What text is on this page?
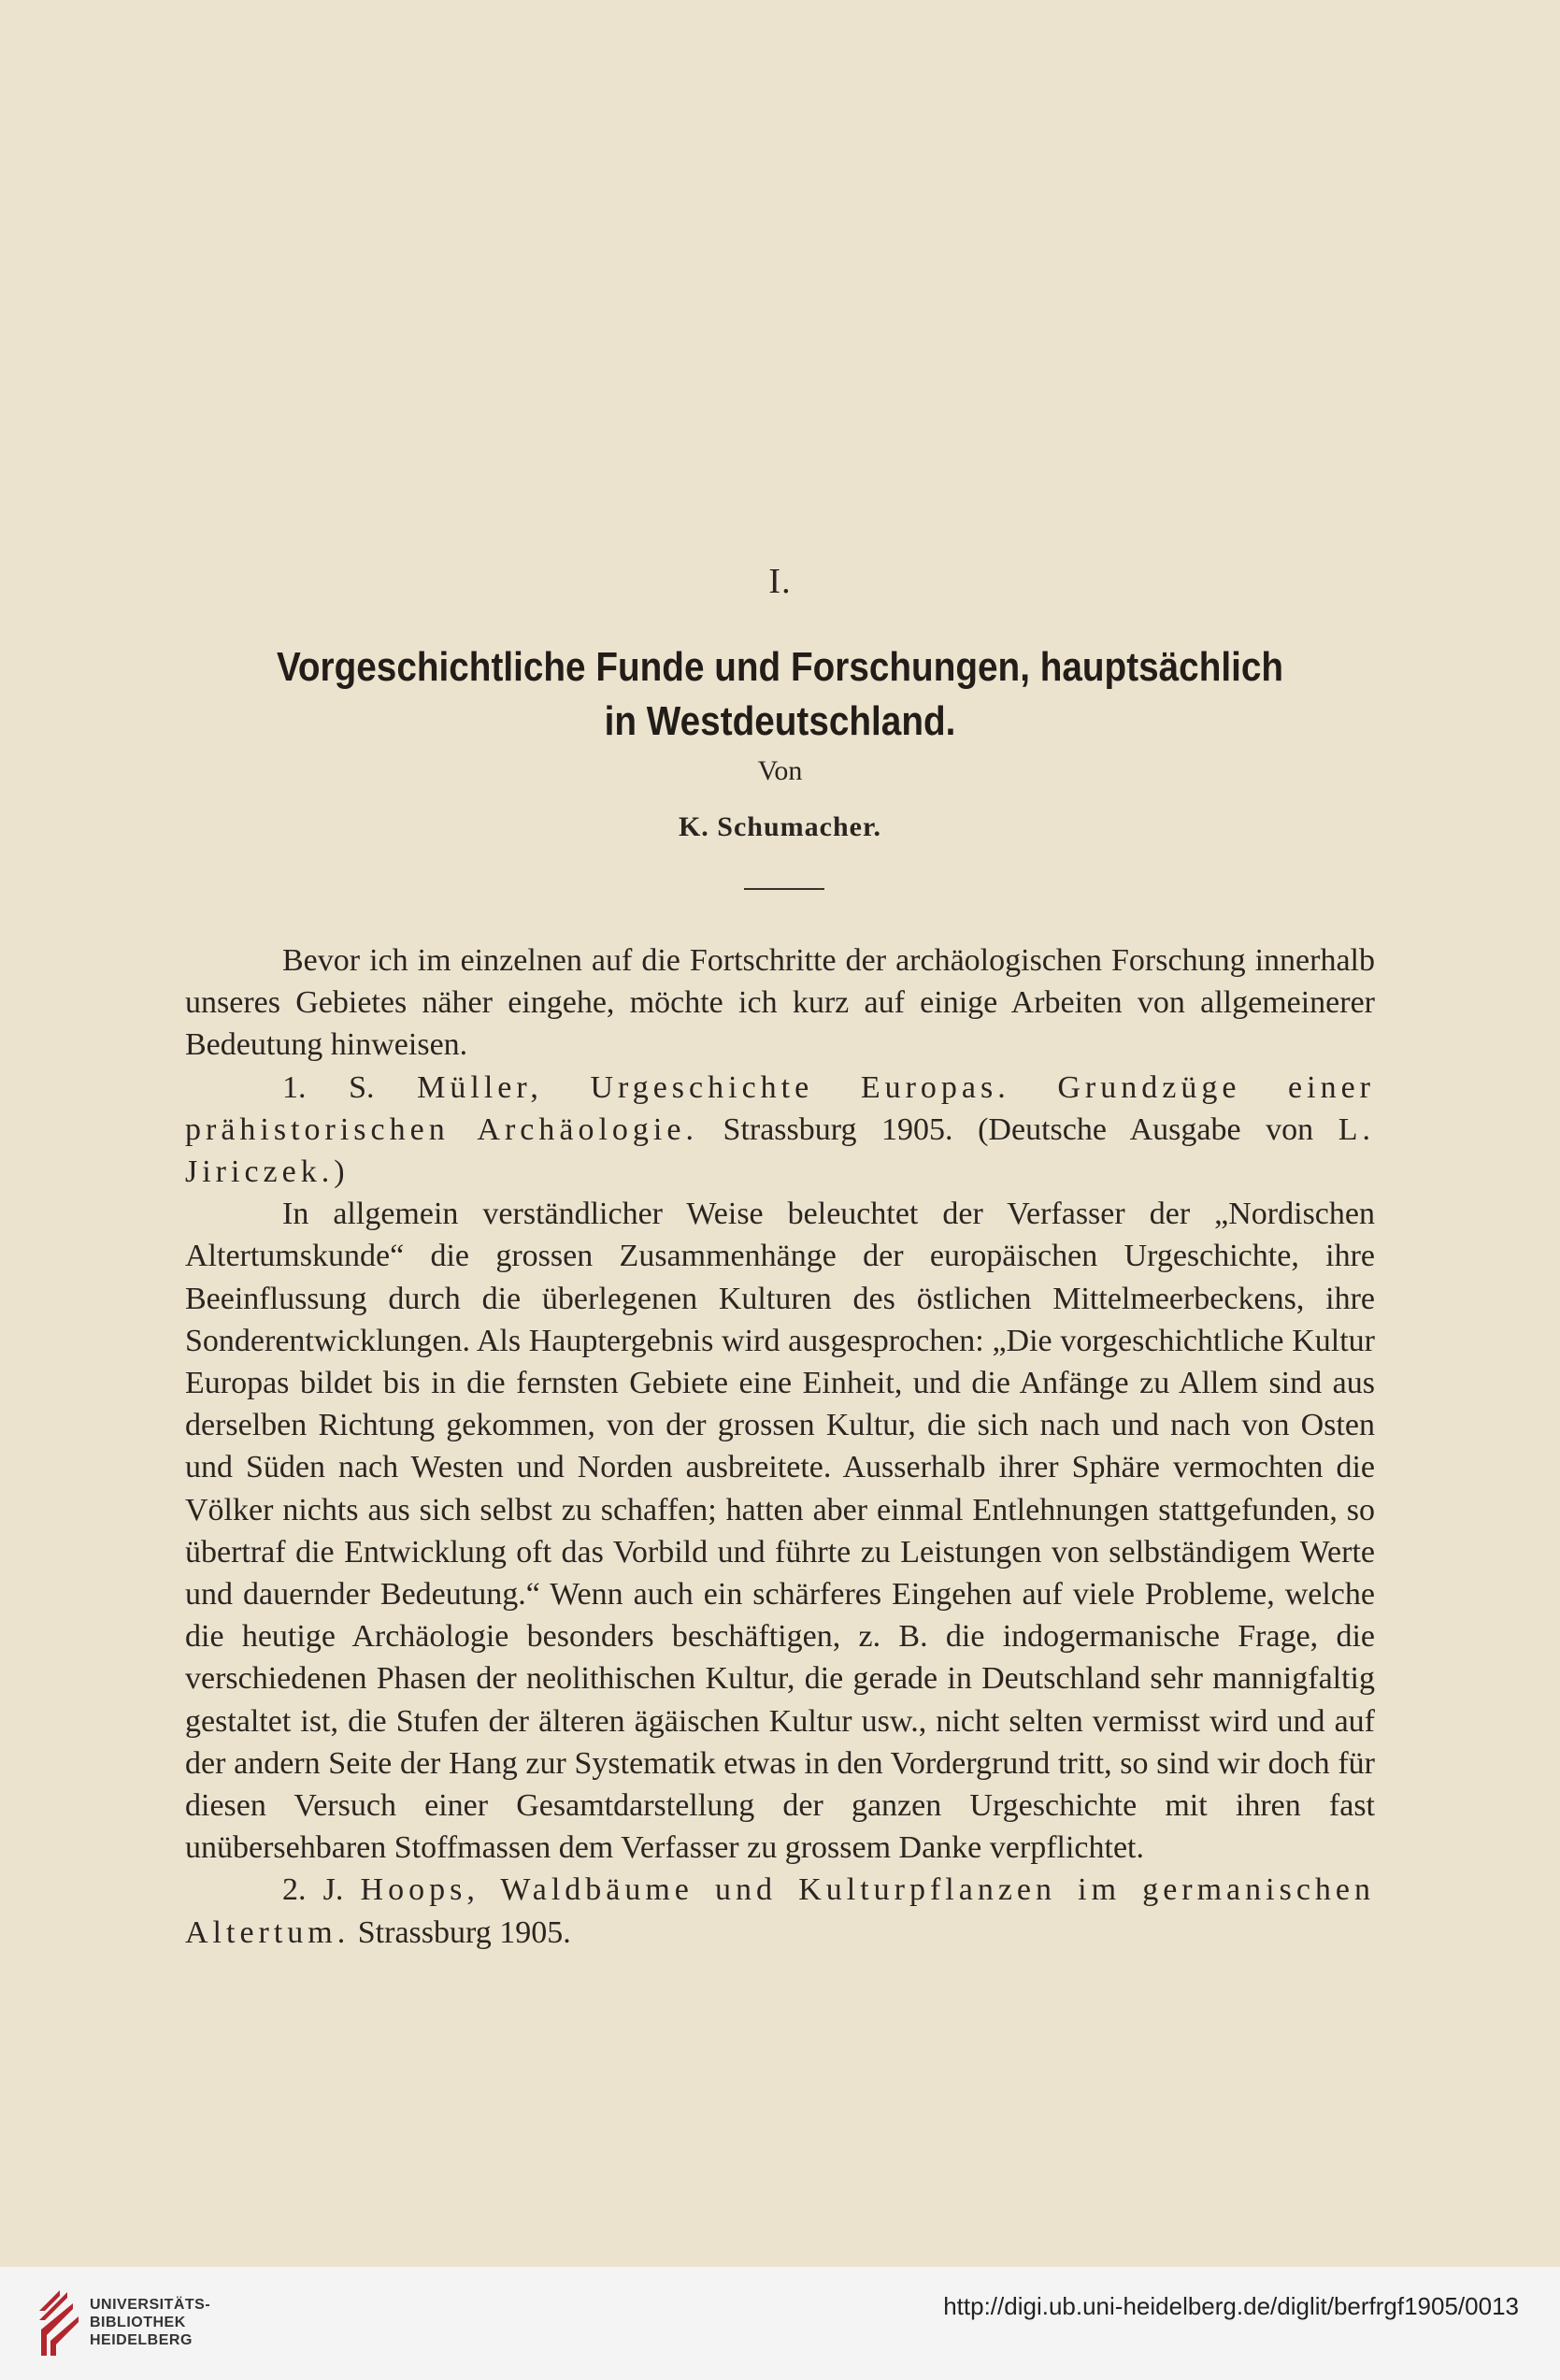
I.
Vorgeschichtliche Funde und Forschungen, hauptsächlich
in Westdeutschland.
Von
K. Schumacher.

Bevor ich im einzelnen auf die Fortschritte der archäologischen Forschung innerhalb unseres Gebietes näher eingehe, möchte ich kurz auf einige Arbeiten von allgemeinerer Bedeutung hinweisen.

1. S. Müller, Urgeschichte Europas. Grundzüge einer prähistorischen Archäologie. Strassburg 1905. (Deutsche Ausgabe von L. Jiriczek.)

In allgemein verständlicher Weise beleuchtet der Verfasser der „Nordischen Altertumskunde“ die grossen Zusammenhänge der europäischen Urgeschichte, ihre Beeinflussung durch die überlegenen Kulturen des östlichen Mittelmeerbeckens, ihre Sonderentwicklungen. Als Hauptergebnis wird ausgesprochen: „Die vorgeschichtliche Kultur Europas bildet bis in die fernsten Gebiete eine Einheit, und die Anfänge zu Allem sind aus derselben Richtung gekommen, von der grossen Kultur, die sich nach und nach von Osten und Süden nach Westen und Norden ausbreitete. Ausserhalb ihrer Sphäre vermochten die Völker nichts aus sich selbst zu schaffen; hatten aber einmal Entlehnungen stattgefunden, so übertraf die Entwicklung oft das Vorbild und führte zu Leistungen von selbständigem Werte und dauernder Bedeutung.“ Wenn auch ein schärferes Eingehen auf viele Probleme, welche die heutige Archäologie besonders beschäftigen, z. B. die indogermanische Frage, die verschiedenen Phasen der neolithischen Kultur, die gerade in Deutschland sehr mannigfaltig gestaltet ist, die Stufen der älteren ägäischen Kultur usw., nicht selten vermisst wird und auf der andern Seite der Hang zur Systematik etwas in den Vordergrund tritt, so sind wir doch für diesen Versuch einer Gesamtdarstellung der ganzen Urgeschichte mit ihren fast unübersehbaren Stoffmassen dem Verfasser zu grossem Danke verpflichtet.

2. J. Hoops, Waldbäume und Kulturpflanzen im germanischen Altertum. Strassburg 1905.

UNIVERSITÄTS-
BIBLIOTHEK
HEIDELBERG
http://digi.ub.uni-heidelberg.de/diglit/berfrgf1905/0013
